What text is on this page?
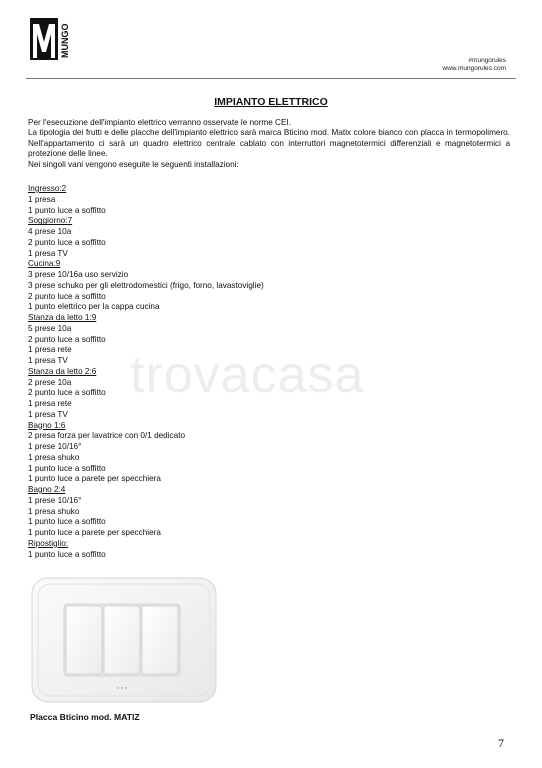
MUNGO
#mungorules
www.mungorules.com
IMPIANTO ELETTRICO

Per l'esecuzione dell'impianto elettrico verranno osservate le norme CEI.

La tipologia dei frutti e delle placche dell'impianto elettrico sarà marca Bticino mod. Matix colore bianco con placca in termopolimero. Nell'appartamento ci sarà un quadro elettrico centrale cablato con interruttori magnetotermici differenziali e magnetotermici a protezione delle linee.

Nei singoli vani vengono eseguite le seguenti installazioni:

Ingresso:2
1 presa
1 punto luce a soffitto
Soggiorno:7
4 prese 10a
2 punto luce a soffitto
1 presa TV
Cucina:9
3 prese 10/16a uso servizio
3 prese schuko per gli elettrodomestici (frigo, forno, lavastoviglie)
2 punto luce a soffitto
1 punto elettrico per la cappa cucina
Stanza da letto 1:9
5 prese 10a
2 punto luce a soffitto
1 presa rete
1 presa TV
Stanza da letto 2:6
2 prese 10a
2 punto luce a soffitto
1 presa rete
1 presa TV
Bagno 1:6
2 presa forza per lavatrice con 0/1 dedicato
1 prese 10/16°
1 presa shuko
1 punto luce a soffitto
1 punto luce a parete per specchiera
Bagno 2:4
1 prese 10/16°
1 presa shuko
1 punto luce a soffitto
1 punto luce a parete per specchiera
Ripostiglio:
1 punto luce a soffitto
Placca Bticino mod. MATIZ
7
trovacasa
